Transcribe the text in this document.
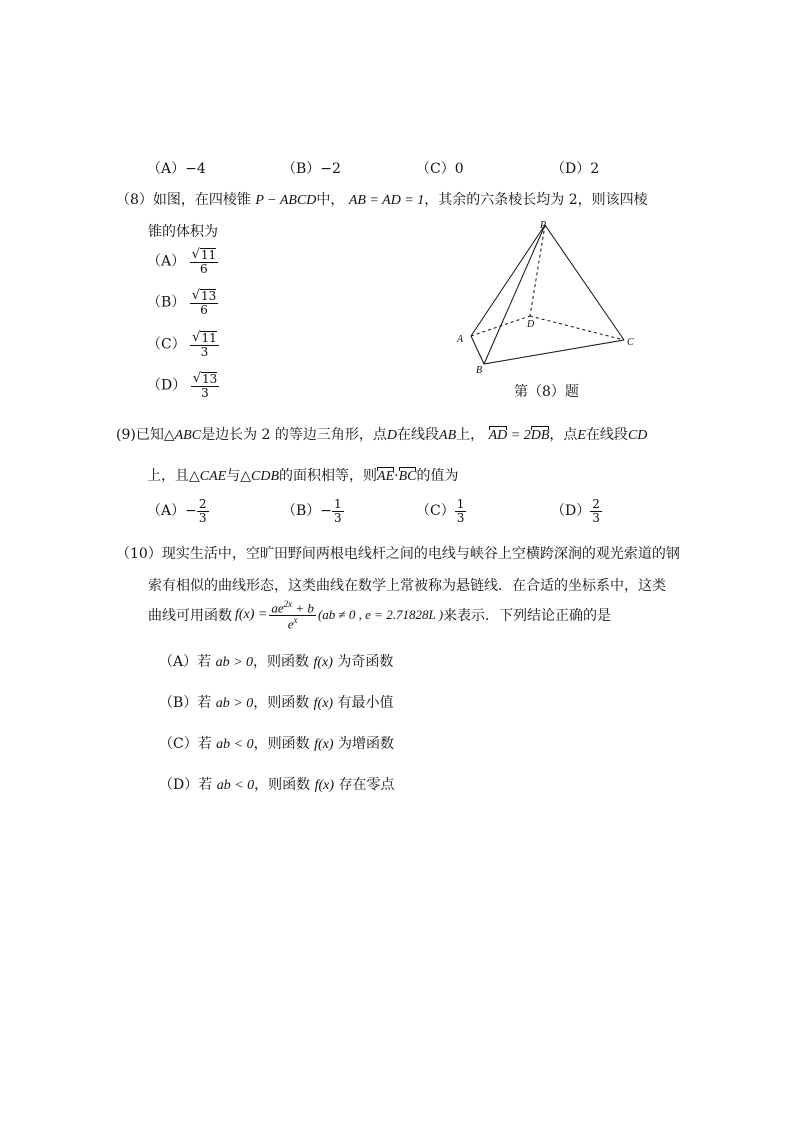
（A）−4	（B）−2	（C）0	（D）2
（8）如图，在四棱锥 P − ABCD中， AB = AD = 1，其余的六条棱长均为 2，则该四棱
锥的体积为
$(A) \frac{√ 11}{6}$
$(B) \frac{√ 13}{6}$
$(C) \frac{√ 11}{3}$
$(D) \frac{√ 13}{3}$
P
A
B
C
D
第（8）题
(9)已知△ABC是边长为 2 的等边三角形，点D在线段AB上， AD = 2DB，点E在线段CD
上，且△CAE与△CDB的面积相等，则AE·BC的值为
$(A)- \frac{2}{3}$	$(B)- \frac{1}{3}$	$(C) \frac{1}{3}$	$(D) \frac{2}{3}$
（10）现实生活中，空旷田野间两根电线杆之间的电线与峡谷上空横跨深涧的观光索道的钢
索有相似的曲线形态，这类曲线在数学上常被称为悬链线．在合适的坐标系中，这类
曲线可用函数 $f(x) = \frac{ae^{2x} + b}{e^x} (ab \ne 0$ , e = 2.71828L ) 来表示．下列结论正确的是
（A）若 ab > 0，则函数 f(x) 为奇函数
（B）若 ab > 0，则函数 f(x) 有最小值
（C）若 ab < 0，则函数 f(x) 为增函数
（D）若 ab < 0，则函数 f(x) 存在零点
